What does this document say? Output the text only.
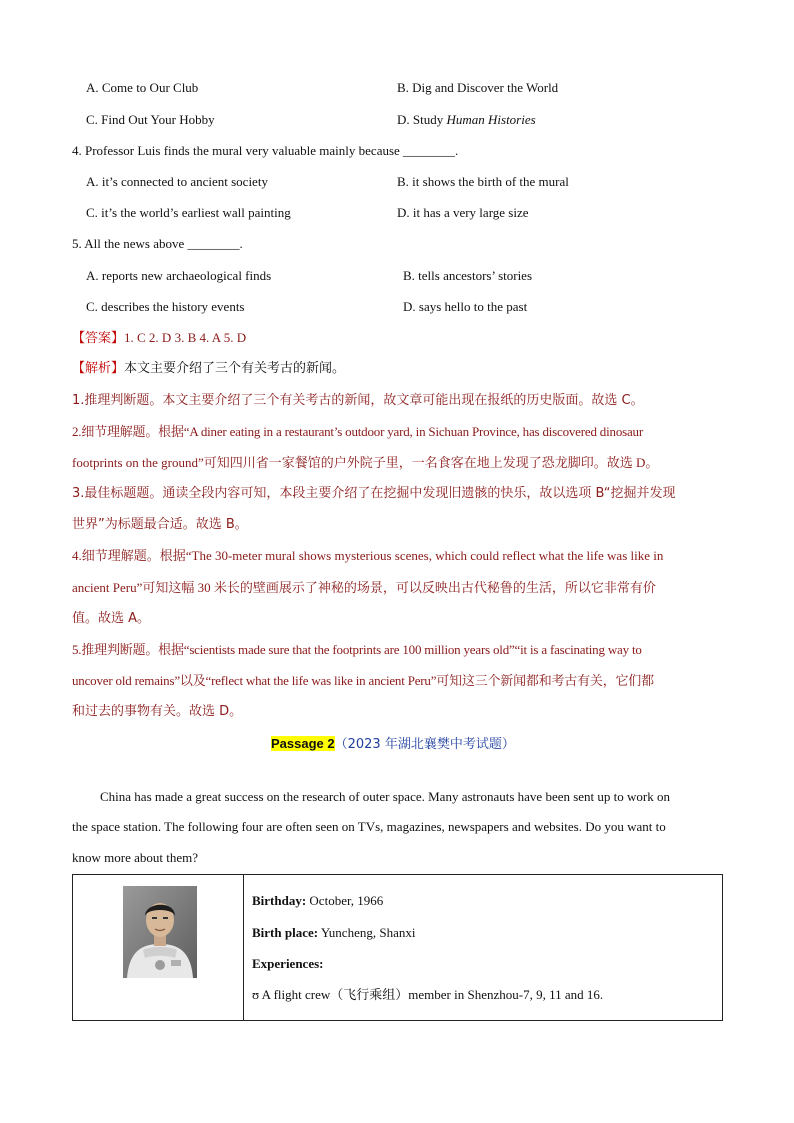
A. Come to Our Club	B. Dig and Discover the World
C. Find Out Your Hobby	D. Study Human Histories
4. Professor Luis finds the mural very valuable mainly because ________.
A. it’s connected to ancient society	B. it shows the birth of the mural
C. it’s the world’s earliest wall painting	D. it has a very large size
5. All the news above ________.
A. reports new archaeological finds	B. tells ancestors’ stories
C. describes the history events	D. says hello to the past
【答案】1. C 2. D 3. B 4. A 5. D
【解析】本文主要介绍了三个有关考古的新闻。
1.推理判断题。本文主要介绍了三个有关考古的新闻，故文章可能出现在报纸的历史版面。故选 C。
2.细节理解题。根据“A diner eating in a restaurant’s outdoor yard, in Sichuan Province, has discovered dinosaur
footprints on the ground”可知四川省一家餐馆的户外院子里，一名食客在地上发现了恐龙脚印。故选 D。
3.最佳标题题。通读全段内容可知，本段主要介绍了在挖掘中发现旧遗骸的快乐，故以选项 B“挖掘并发现
世界”为标题最合适。故选 B。
4.细节理解题。根据“The 30-meter mural shows mysterious scenes, which could reflect what the life was like in
ancient Peru”可知这幅 30 米长的壁画展示了神秘的场景，可以反映出古代秘鲁的生活，所以它非常有价
值。故选 A。
5.推理判断题。根据“scientists made sure that the footprints are 100 million years old”“it is a fascinating way to
uncover old remains”以及“reflect what the life was like in ancient Peru”可知这三个新闻都和考古有关，它们都
和过去的事物有关。故选 D。
Passage 2（2023 年湖北襄樊中考试题）
China has made a great success on the research of outer space. Many astronauts have been sent up to work on
the space station. The following four are often seen on TVs, magazines, newspapers and websites. Do you want to
know more about them?

Birthday: October, 1966

Birth place: Yuncheng, Shanxi

Experiences:

ʊ A flight crew（飞行乘组）member in Shenzhou-7, 9, 11 and 16.
